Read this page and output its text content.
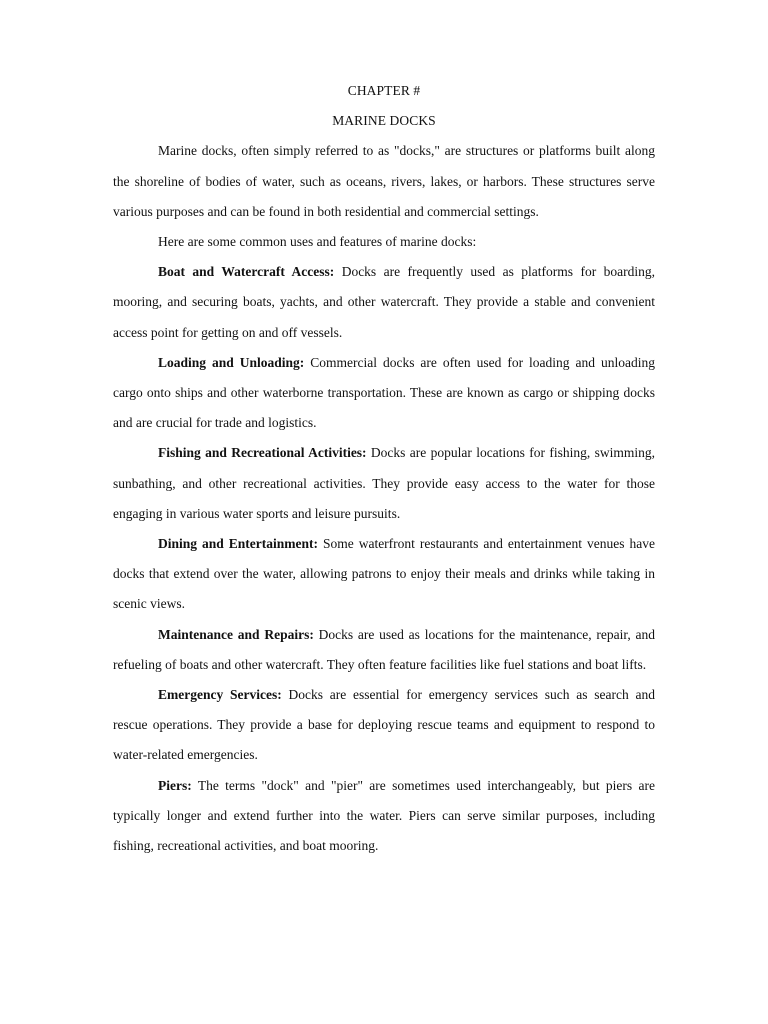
CHAPTER #

MARINE DOCKS

Marine docks, often simply referred to as "docks," are structures or platforms built along the shoreline of bodies of water, such as oceans, rivers, lakes, or harbors. These structures serve various purposes and can be found in both residential and commercial settings.

Here are some common uses and features of marine docks:

Boat and Watercraft Access: Docks are frequently used as platforms for boarding, mooring, and securing boats, yachts, and other watercraft. They provide a stable and convenient access point for getting on and off vessels.

Loading and Unloading: Commercial docks are often used for loading and unloading cargo onto ships and other waterborne transportation. These are known as cargo or shipping docks and are crucial for trade and logistics.

Fishing and Recreational Activities: Docks are popular locations for fishing, swimming, sunbathing, and other recreational activities. They provide easy access to the water for those engaging in various water sports and leisure pursuits.

Dining and Entertainment: Some waterfront restaurants and entertainment venues have docks that extend over the water, allowing patrons to enjoy their meals and drinks while taking in scenic views.

Maintenance and Repairs: Docks are used as locations for the maintenance, repair, and refueling of boats and other watercraft. They often feature facilities like fuel stations and boat lifts.

Emergency Services: Docks are essential for emergency services such as search and rescue operations. They provide a base for deploying rescue teams and equipment to respond to water-related emergencies.

Piers: The terms "dock" and "pier" are sometimes used interchangeably, but piers are typically longer and extend further into the water. Piers can serve similar purposes, including fishing, recreational activities, and boat mooring.
